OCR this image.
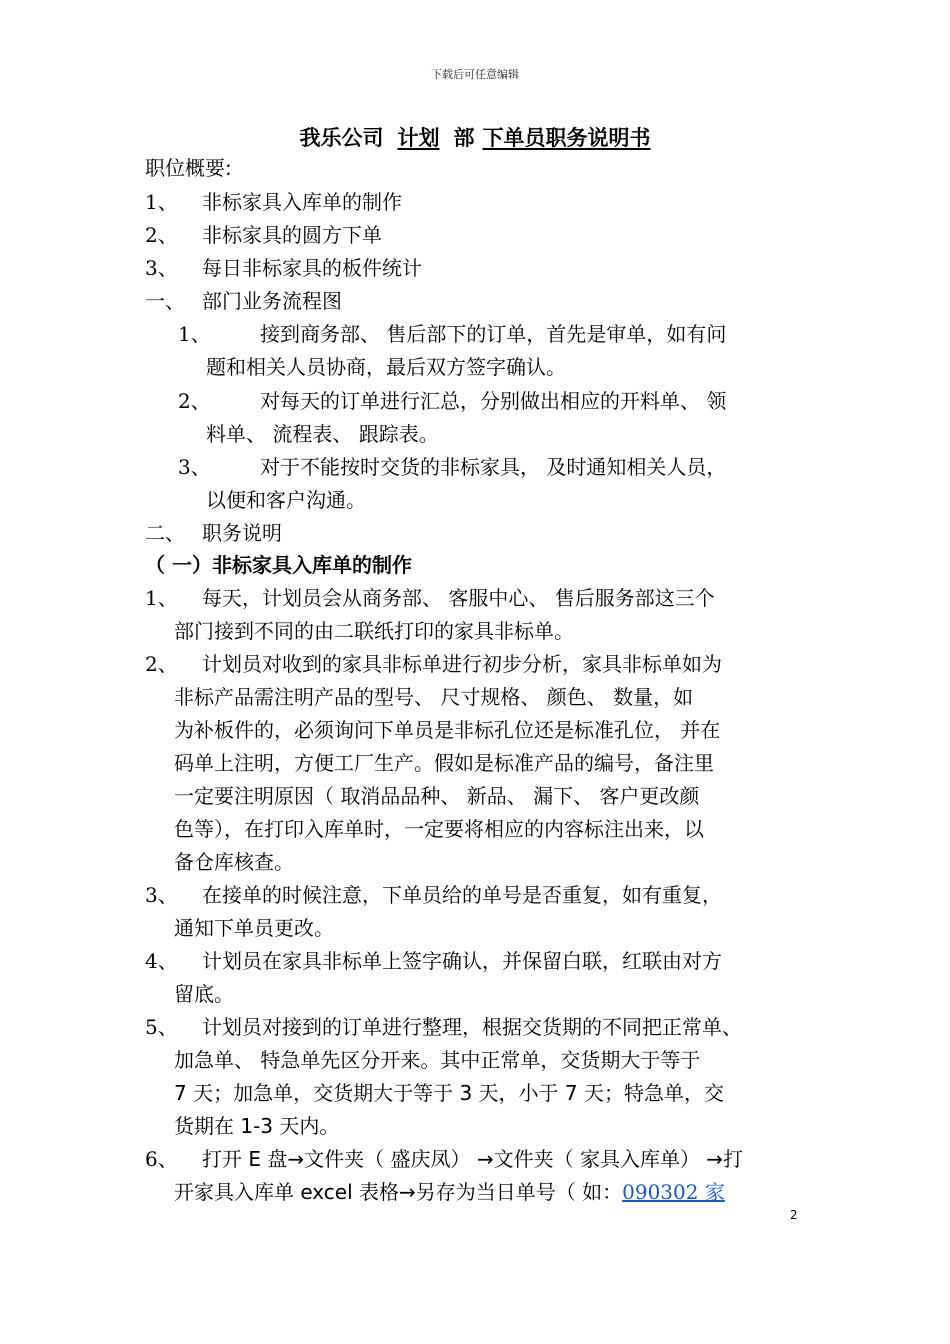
下载后可任意编辑
我乐公司 计划 部 下单员职务说明书
职位概要:
1、 非标家具入库单的制作
2、 非标家具的圆方下单
3、 每日非标家具的板件统计
一、 部门业务流程图
1、 接到商务部、 售后部下的订单，首先是审单，如有问
题和相关人员协商，最后双方签字确认。
2、 对每天的订单进行汇总，分别做出相应的开料单、 领
料单、 流程表、 跟踪表。
3、 对于不能按时交货的非标家具， 及时通知相关人员，
以便和客户沟通。
二、 职务说明
（ 一）非标家具入库单的制作
1、 每天，计划员会从商务部、 客服中心、 售后服务部这三个
部门接到不同的由二联纸打印的家具非标单。
2、 计划员对收到的家具非标单进行初步分析，家具非标单如为
非标产品需注明产品的型号、 尺寸规格、 颜色、 数量，如
为补板件的，必须询问下单员是非标孔位还是标准孔位， 并在
码单上注明，方便工厂生产。假如是标准产品的编号，备注里
一定要注明原因（ 取消品品种、 新品、 漏下、 客户更改颜
色等），在打印入库单时，一定要将相应的内容标注出来，以
备仓库核查。
3、 在接单的时候注意，下单员给的单号是否重复，如有重复，
通知下单员更改。
4、 计划员在家具非标单上签字确认，并保留白联，红联由对方
留底。
5、 计划员对接到的订单进行整理，根据交货期的不同把正常单、
加急单、 特急单先区分开来。其中正常单，交货期大于等于
7 天；加急单，交货期大于等于 3 天，小于 7 天；特急单，交
货期在 1-3 天内。
6、 打开 E 盘→文件夹（ 盛庆凤） →文件夹（ 家具入库单） →打
开家具入库单 excel 表格→另存为当日单号（ 如：090302 家
2
